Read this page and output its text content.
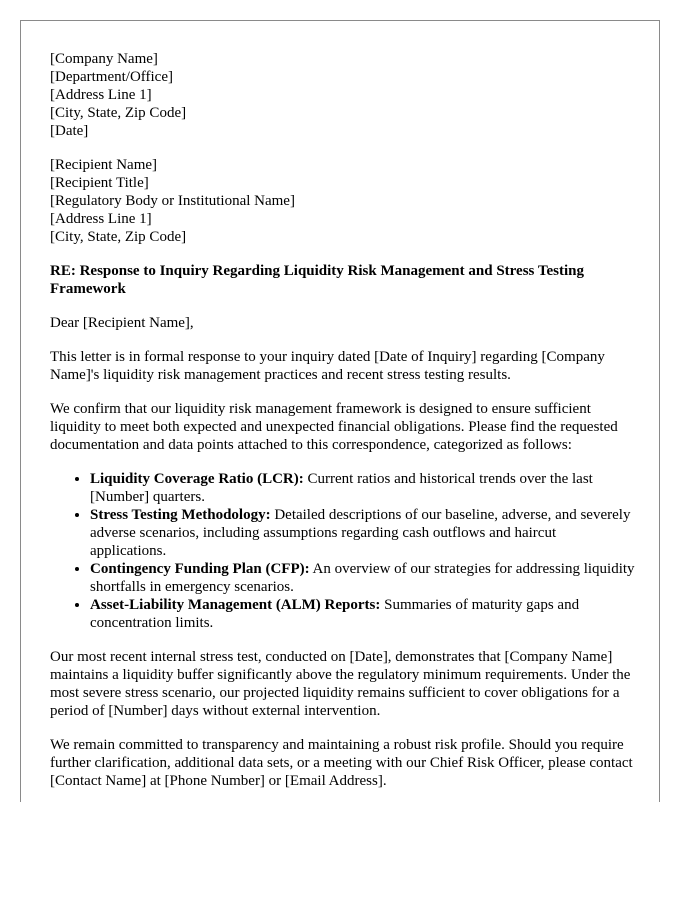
[Company Name]
[Department/Office]
[Address Line 1]
[City, State, Zip Code]
[Date]
[Recipient Name]
[Recipient Title]
[Regulatory Body or Institutional Name]
[Address Line 1]
[City, State, Zip Code]
RE: Response to Inquiry Regarding Liquidity Risk Management and Stress Testing Framework

Dear [Recipient Name],

This letter is in formal response to your inquiry dated [Date of Inquiry] regarding [Company Name]'s liquidity risk management practices and recent stress testing results.

We confirm that our liquidity risk management framework is designed to ensure sufficient liquidity to meet both expected and unexpected financial obligations. Please find the requested documentation and data points attached to this correspondence, categorized as follows:

• Liquidity Coverage Ratio (LCR): Current ratios and historical trends over the last [Number] quarters.
• Stress Testing Methodology: Detailed descriptions of our baseline, adverse, and severely adverse scenarios, including assumptions regarding cash outflows and haircut applications.
• Contingency Funding Plan (CFP): An overview of our strategies for addressing liquidity shortfalls in emergency scenarios.
• Asset-Liability Management (ALM) Reports: Summaries of maturity gaps and concentration limits.

Our most recent internal stress test, conducted on [Date], demonstrates that [Company Name] maintains a liquidity buffer significantly above the regulatory minimum requirements. Under the most severe stress scenario, our projected liquidity remains sufficient to cover obligations for a period of [Number] days without external intervention.

We remain committed to transparency and maintaining a robust risk profile. Should you require further clarification, additional data sets, or a meeting with our Chief Risk Officer, please contact [Contact Name] at [Phone Number] or [Email Address].
